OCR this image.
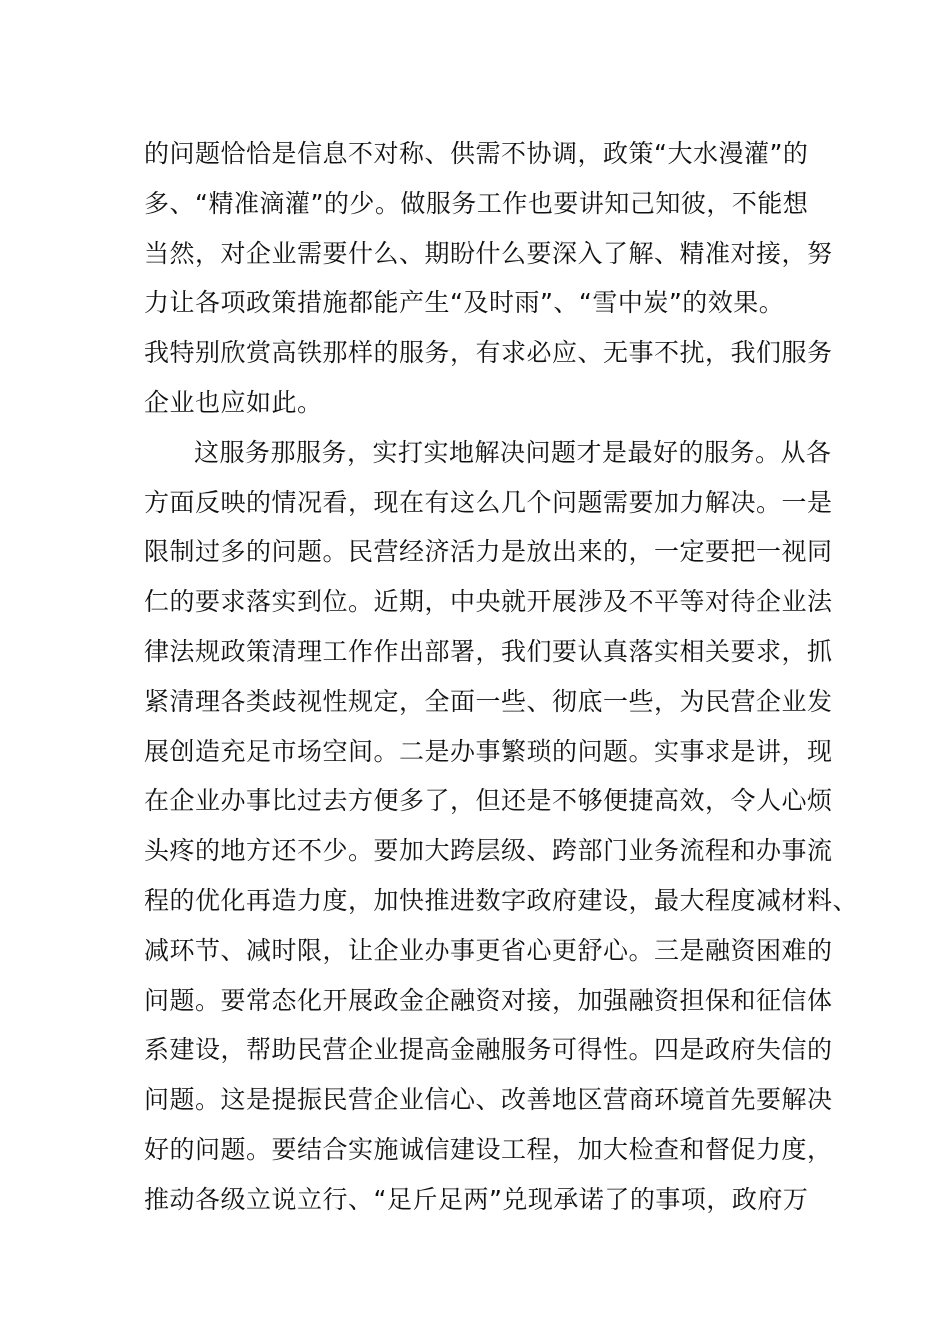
的问题恰恰是信息不对称、供需不协调，政策“大水漫灌”的
多、“精准滴灌”的少。做服务工作也要讲知己知彼，不能想
当然，对企业需要什么、期盼什么要深入了解、精准对接，努
力让各项政策措施都能产生“及时雨”、“雪中炭”的效果。
我特别欣赏高铁那样的服务，有求必应、无事不扰，我们服务
企业也应如此。
这服务那服务，实打实地解决问题才是最好的服务。从各
方面反映的情况看，现在有这么几个问题需要加力解决。一是
限制过多的问题。民营经济活力是放出来的，一定要把一视同
仁的要求落实到位。近期，中央就开展涉及不平等对待企业法
律法规政策清理工作作出部署，我们要认真落实相关要求，抓
紧清理各类歧视性规定，全面一些、彻底一些，为民营企业发
展创造充足市场空间。二是办事繁琐的问题。实事求是讲，现
在企业办事比过去方便多了，但还是不够便捷高效，令人心烦
头疼的地方还不少。要加大跨层级、跨部门业务流程和办事流
程的优化再造力度，加快推进数字政府建设，最大程度减材料、
减环节、减时限，让企业办事更省心更舒心。三是融资困难的
问题。要常态化开展政金企融资对接，加强融资担保和征信体
系建设，帮助民营企业提高金融服务可得性。四是政府失信的
问题。这是提振民营企业信心、改善地区营商环境首先要解决
好的问题。要结合实施诚信建设工程，加大检查和督促力度，
推动各级立说立行、“足斤足两”兑现承诺了的事项，政府万
